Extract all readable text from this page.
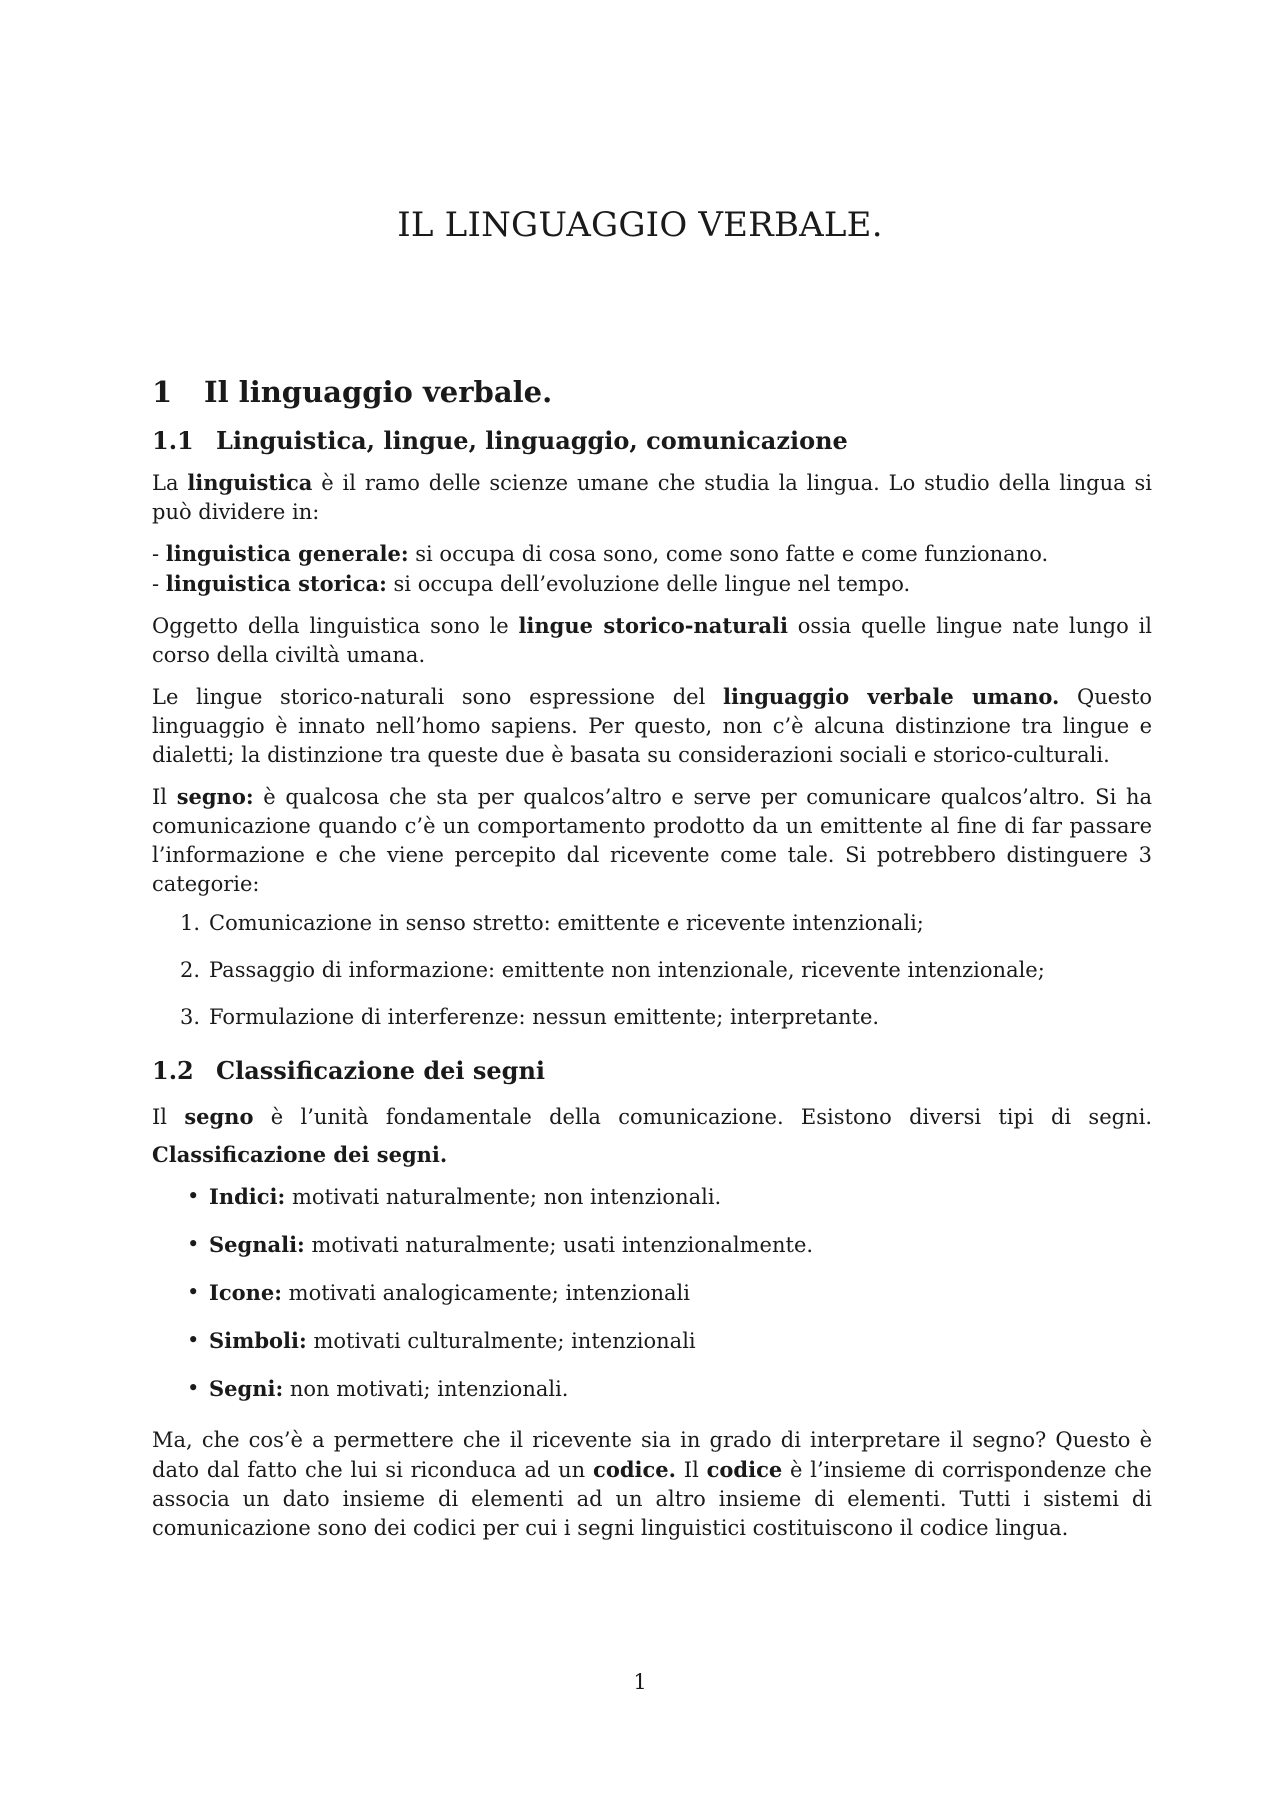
IL LINGUAGGIO VERBALE.
1 Il linguaggio verbale.
1.1 Linguistica, lingue, linguaggio, comunicazione

La linguistica è il ramo delle scienze umane che studia la lingua. Lo studio della lingua si può dividere in:

- linguistica generale: si occupa di cosa sono, come sono fatte e come funzionano.

- linguistica storica: si occupa dell’evoluzione delle lingue nel tempo.

Oggetto della linguistica sono le lingue storico-naturali ossia quelle lingue nate lungo il corso della civiltà umana.

Le lingue storico-naturali sono espressione del linguaggio verbale umano. Questo linguaggio è innato nell’homo sapiens. Per questo, non c’è alcuna distinzione tra lingue e dialetti; la distinzione tra queste due è basata su considerazioni sociali e storico-culturali.

Il segno: è qualcosa che sta per qualcos’altro e serve per comunicare qualcos’altro. Si ha comunicazione quando c’è un comportamento prodotto da un emittente al fine di far passare l’informazione e che viene percepito dal ricevente come tale. Si potrebbero distinguere 3 categorie:

1. Comunicazione in senso stretto: emittente e ricevente intenzionali;
2. Passaggio di informazione: emittente non intenzionale, ricevente intenzionale;
3. Formulazione di interferenze: nessun emittente; interpretante.
1.2 Classificazione dei segni

Il segno è l’unità fondamentale della comunicazione. Esistono diversi tipi di segni. Classificazione dei segni.

• Indici: motivati naturalmente; non intenzionali.
• Segnali: motivati naturalmente; usati intenzionalmente.
• Icone: motivati analogicamente; intenzionali
• Simboli: motivati culturalmente; intenzionali
• Segni: non motivati; intenzionali.

Ma, che cos’è a permettere che il ricevente sia in grado di interpretare il segno? Questo è dato dal fatto che lui si riconduca ad un codice. Il codice è l’insieme di corrispondenze che associa un dato insieme di elementi ad un altro insieme di elementi. Tutti i sistemi di comunicazione sono dei codici per cui i segni linguistici costituiscono il codice lingua.

1
